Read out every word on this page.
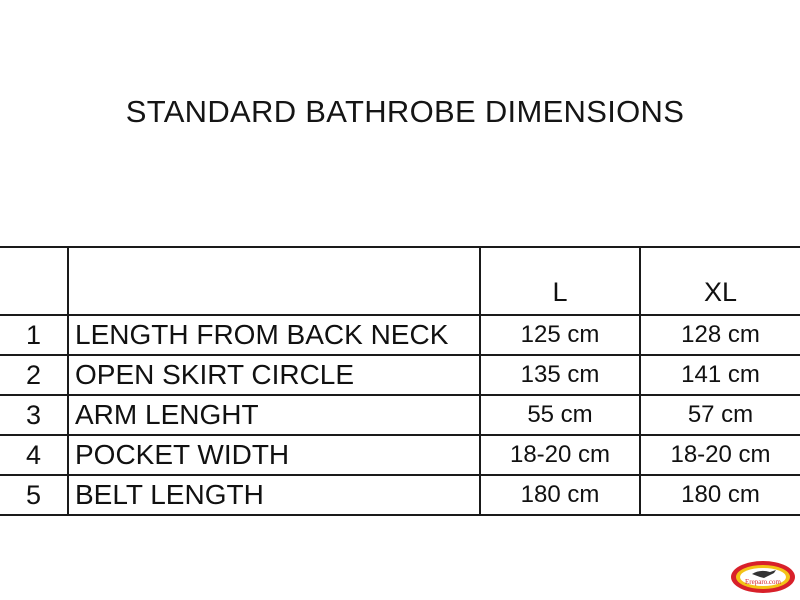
STANDARD BATHROBE DIMENSIONS
		L	XL
1	LENGTH FROM BACK NECK	125 cm	128 cm
2	OPEN SKIRT CIRCLE	135 cm	141 cm
3	ARM LENGHT	55 cm	57 cm
4	POCKET WIDTH	18-20 cm	18-20 cm
5	BELT LENGTH	180 cm	180 cm
Ereparo.com
